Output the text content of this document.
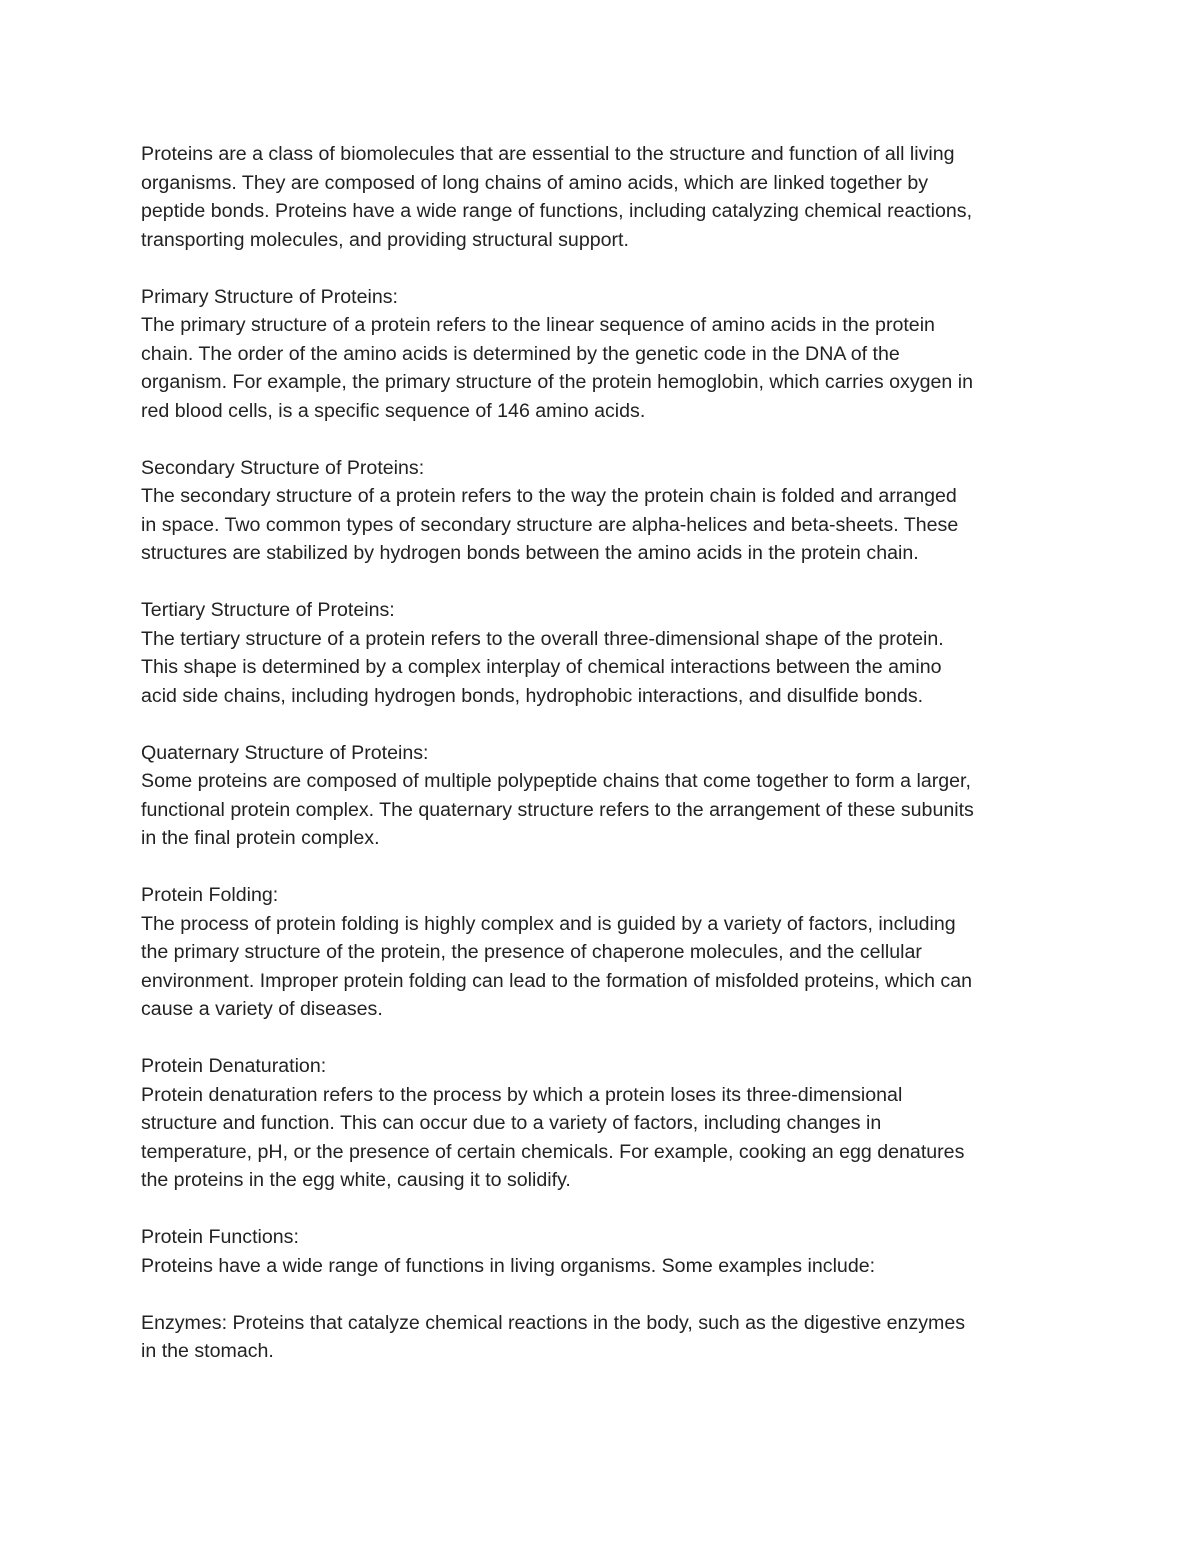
Proteins are a class of biomolecules that are essential to the structure and function of all living
organisms. They are composed of long chains of amino acids, which are linked together by
peptide bonds. Proteins have a wide range of functions, including catalyzing chemical reactions,
transporting molecules, and providing structural support.
Primary Structure of Proteins:
The primary structure of a protein refers to the linear sequence of amino acids in the protein
chain. The order of the amino acids is determined by the genetic code in the DNA of the
organism. For example, the primary structure of the protein hemoglobin, which carries oxygen in
red blood cells, is a specific sequence of 146 amino acids.
Secondary Structure of Proteins:
The secondary structure of a protein refers to the way the protein chain is folded and arranged
in space. Two common types of secondary structure are alpha-helices and beta-sheets. These
structures are stabilized by hydrogen bonds between the amino acids in the protein chain.
Tertiary Structure of Proteins:
The tertiary structure of a protein refers to the overall three-dimensional shape of the protein.
This shape is determined by a complex interplay of chemical interactions between the amino
acid side chains, including hydrogen bonds, hydrophobic interactions, and disulfide bonds.
Quaternary Structure of Proteins:
Some proteins are composed of multiple polypeptide chains that come together to form a larger,
functional protein complex. The quaternary structure refers to the arrangement of these subunits
in the final protein complex.
Protein Folding:
The process of protein folding is highly complex and is guided by a variety of factors, including
the primary structure of the protein, the presence of chaperone molecules, and the cellular
environment. Improper protein folding can lead to the formation of misfolded proteins, which can
cause a variety of diseases.
Protein Denaturation:
Protein denaturation refers to the process by which a protein loses its three-dimensional
structure and function. This can occur due to a variety of factors, including changes in
temperature, pH, or the presence of certain chemicals. For example, cooking an egg denatures
the proteins in the egg white, causing it to solidify.
Protein Functions:
Proteins have a wide range of functions in living organisms. Some examples include:
Enzymes: Proteins that catalyze chemical reactions in the body, such as the digestive enzymes
in the stomach.
